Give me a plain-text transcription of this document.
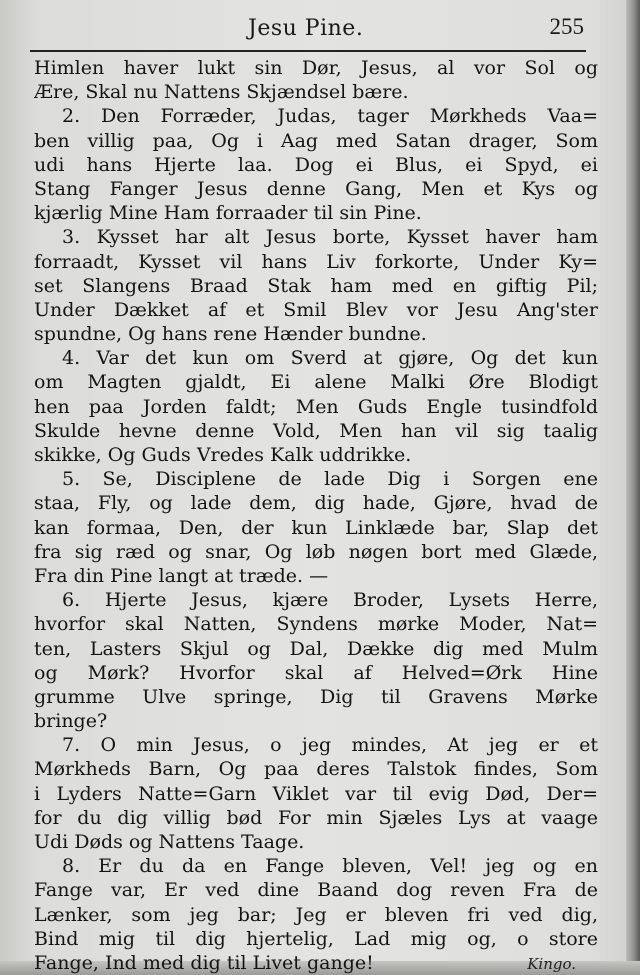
Jesu Pine.	255
Himlen haver lukt sin Dør, Jesus, al vor Sol og
Ære, Skal nu Nattens Skjændsel bære.
2. Den Forræder, Judas, tager Mørkheds Vaa=
ben villig paa, Og i Aag med Satan drager, Som
udi hans Hjerte laa. Dog ei Blus, ei Spyd, ei
Stang Fanger Jesus denne Gang, Men et Kys og
kjærlig Mine Ham forraader til sin Pine.
3. Kysset har alt Jesus borte, Kysset haver ham
forraadt, Kysset vil hans Liv forkorte, Under Ky=
set Slangens Braad Stak ham med en giftig Pil;
Under Dækket af et Smil Blev vor Jesu Ang'ster
spundne, Og hans rene Hænder bundne.
4. Var det kun om Sverd at gjøre, Og det kun
om Magten gjaldt, Ei alene Malki Øre Blodigt
hen paa Jorden faldt; Men Guds Engle tusindfold
Skulde hevne denne Vold, Men han vil sig taalig
skikke, Og Guds Vredes Kalk uddrikke.
5. Se, Disciplene de lade Dig i Sorgen ene
staa, Fly, og lade dem, dig hade, Gjøre, hvad de
kan formaa, Den, der kun Linklæde bar, Slap det
fra sig ræd og snar, Og løb nøgen bort med Glæde,
Fra din Pine langt at træde. —
6. Hjerte Jesus, kjære Broder, Lysets Herre,
hvorfor skal Natten, Syndens mørke Moder, Nat=
ten, Lasters Skjul og Dal, Dække dig med Mulm
og Mørk? Hvorfor skal af Helved=Ørk Hine
grumme Ulve springe, Dig til Gravens Mørke
bringe?
7. O min Jesus, o jeg mindes, At jeg er et
Mørkheds Barn, Og paa deres Talstok findes, Som
i Lyders Natte=Garn Viklet var til evig Død, Der=
for du dig villig bød For min Sjæles Lys at vaage
Udi Døds og Nattens Taage.
8. Er du da en Fange bleven, Vel! jeg og en
Fange var, Er ved dine Baand dog reven Fra de
Lænker, som jeg bar; Jeg er bleven fri ved dig,
Bind mig til dig hjertelig, Lad mig og, o store
Fange, Ind med dig til Livet gange!	Kingo.
